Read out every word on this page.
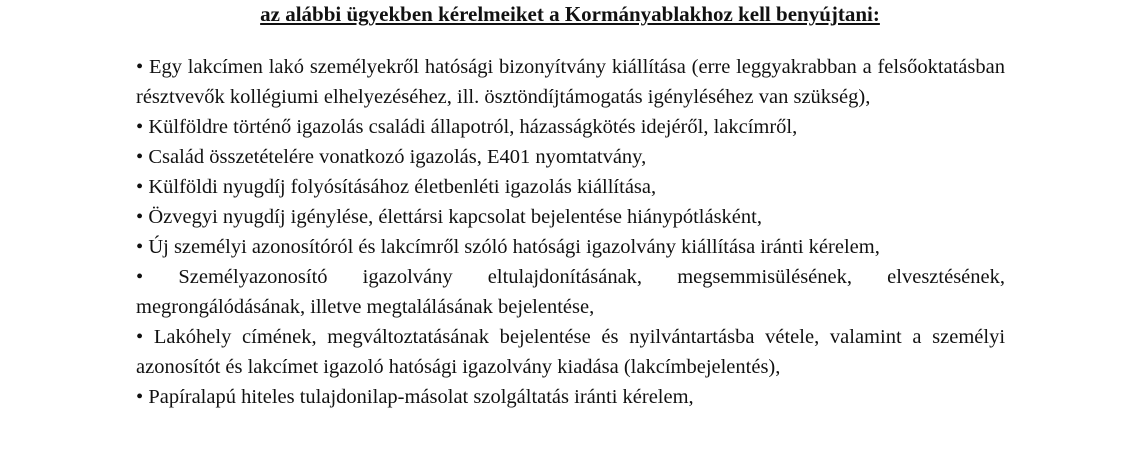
az alábbi ügyekben kérelmeiket a Kormányablakhoz kell benyújtani:
• Egy lakcímen lakó személyekről hatósági bizonyítvány kiállítása (erre leggyakrabban a felsőoktatásban résztvevők kollégiumi elhelyezéséhez, ill. ösztöndíjtámogatás igényléséhez van szükség),
• Külföldre történő igazolás családi állapotról, házasságkötés idejéről, lakcímről,
• Család összetételére vonatkozó igazolás, E401 nyomtatvány,
• Külföldi nyugdíj folyósításához életbenléti igazolás kiállítása,
• Özvegyi nyugdíj igénylése, élettársi kapcsolat bejelentése hiánypótlásként,
• Új személyi azonosítóról és lakcímről szóló hatósági igazolvány kiállítása iránti kérelem,
• Személyazonosító igazolvány eltulajdonításának, megsemmisülésének, elvesztésének, megrongálódásának, illetve megtalálásának bejelentése,
• Lakóhely címének, megváltoztatásának bejelentése és nyilvántartásba vétele, valamint a személyi azonosítót és lakcímet igazoló hatósági igazolvány kiadása (lakcímbejelentés),
• Papíralapú hiteles tulajdonilap-másolat szolgáltatás iránti kérelem,
